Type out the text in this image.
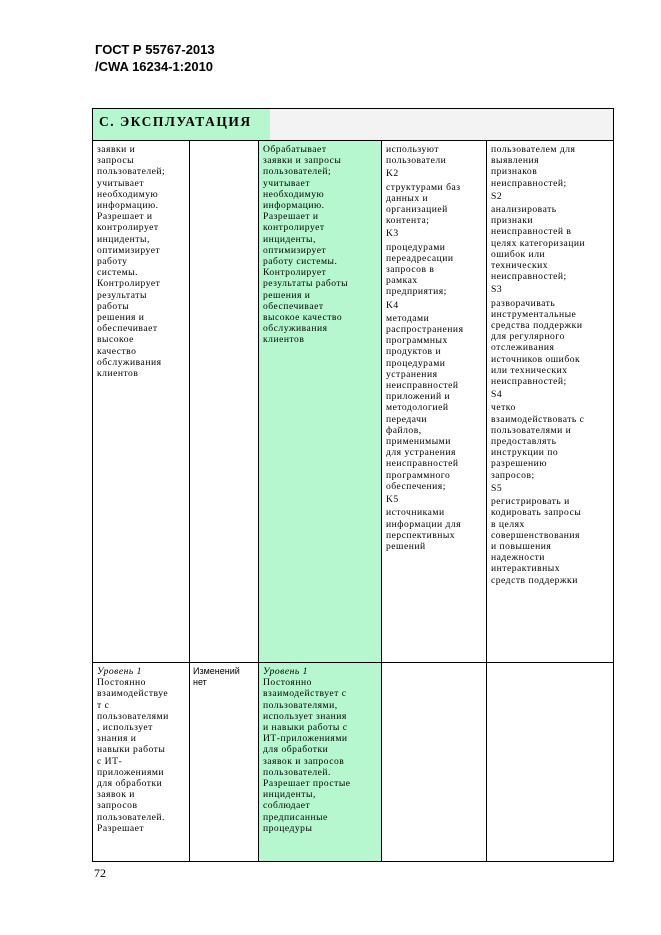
ГОСТ Р 55767-2013
/CWA 16234-1:2010
C. ЭКСПЛУАТАЦИЯ
заявки и
запросы
пользователей;
учитывает
необходимую
информацию.
Разрешает и
контролирует
инциденты,
оптимизирует
работу
системы.
Контролирует
результаты
работы
решения и
обеспечивает
высокое
качество
обслуживания
клиентов
Обрабатывает
заявки и запросы
пользователей;
учитывает
необходимую
информацию.
Разрешает и
контролирует
инциденты,
оптимизирует
работу системы.
Контролирует
результаты работы
решения и
обеспечивает
высокое качество
обслуживания
клиентов
используют
пользователи
K2
структурами баз
данных и
организацией
контента;
K3
процедурами
переадресации
запросов в
рамках
предприятия;
K4
методами
распространения
программных
продуктов и
процедурами
устранения
неисправностей
приложений и
методологией
передачи
файлов,
применимыми
для устранения
неисправностей
программного
обеспечения;
K5
источниками
информации для
перспективных
решений
пользователем для
выявления
признаков
неисправностей;
S2
анализировать
признаки
неисправностей в
целях категоризации
ошибок или
технических
неисправностей;
S3
разворачивать
инструментальные
средства поддержки
для регулярного
отслеживания
источников ошибок
или технических
неисправностей;
S4
четко
взаимодействовать с
пользователями и
предоставлять
инструкции по
разрешению
запросов;
S5
регистрировать и
кодировать запросы
в целях
совершенствования
и повышения
надежности
интерактивных
средств поддержки
Уровень 1
Постоянно
взаимодействуе
т с
пользователями
, использует
знания и
навыки работы
с ИТ-
приложениями
для обработки
заявок и
запросов
пользователей.
Разрешает
Изменений
нет
Уровень 1
Постоянно
взаимодействует с
пользователями,
использует знания
и навыки работы с
ИТ-приложениями
для обработки
заявок и запросов
пользователей.
Разрешает простые
инциденты,
соблюдает
предписанные
процедуры
72
